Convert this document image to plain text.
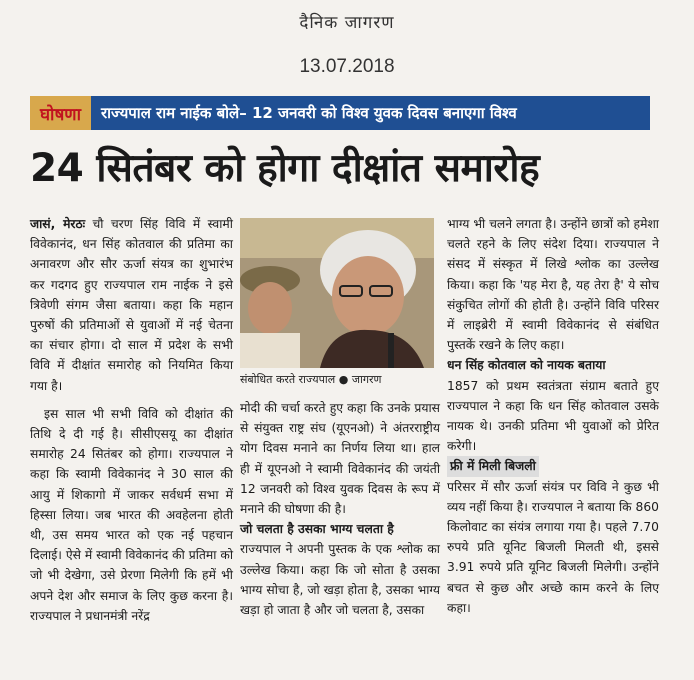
दैनिक जागरण
13.07.2018
घोषणा	राज्यपाल राम नाईक बोले– 12 जनवरी को विश्व युवक दिवस बनाएगा विश्व
24 सितंबर को होगा दीक्षांत समारोह

जासं, मेरठः चौ चरण सिंह विवि में स्वामी विवेकानंद, धन सिंह कोतवाल की प्रतिमा का अनावरण और सौर ऊर्जा संयत्र का शुभारंभ कर गदगद हुए राज्यपाल राम नाईक ने इसे त्रिवेणी संगम जैसा बताया। कहा कि महान पुरुषों की प्रतिमाओं से युवाओं में नई चेतना का संचार होगा। दो साल में प्रदेश के सभी विवि में दीक्षांत समारोह को नियमित किया गया है।

इस साल भी सभी विवि को दीक्षांत की तिथि दे दी गई है। सीसीएसयू का दीक्षांत समारोह 24 सितंबर को होगा। राज्यपाल ने कहा कि स्वामी विवेकानंद ने 30 साल की आयु में शिकागो में जाकर सर्वधर्म सभा में हिस्सा लिया। जब भारत की अवहेलना होती थी, उस समय भारत को एक नई पहचान दिलाई। ऐसे में स्वामी विवेकानंद की प्रतिमा को जो भी देखेगा, उसे प्रेरणा मिलेगी कि हमें भी अपने देश और समाज के लिए कुछ करना है। राज्यपाल ने प्रधानमंत्री नरेंद्र

संबोधित करते राज्यपाल ● जागरण

मोदी की चर्चा करते हुए कहा कि उनके प्रयास से संयुक्त राष्ट्र संघ (यूएनओ) ने अंतरराष्ट्रीय योग दिवस मनाने का निर्णय लिया था। हाल ही में यूएनओ ने स्वामी विवेकानंद की जयंती 12 जनवरी को विश्व युवक दिवस के रूप में मनाने की घोषणा की है।

जो चलता है उसका भाग्य चलता है

राज्यपाल ने अपनी पुस्तक के एक श्लोक का उल्लेख किया। कहा कि जो सोता है उसका भाग्य सोचा है, जो खड़ा होता है, उसका भाग्य खड़ा हो जाता है और जो चलता है, उसका

भाग्य भी चलने लगता है। उन्होंने छात्रों को हमेशा चलते रहने के लिए संदेश दिया। राज्यपाल ने संसद में संस्कृत में लिखे श्लोक का उल्लेख किया। कहा कि 'यह मेरा है, यह तेरा है' ये सोच संकुचित लोगों की होती है। उन्होंने विवि परिसर में लाइब्रेरी में स्वामी विवेकानंद से संबंधित पुस्तकें रखने के लिए कहा।

धन सिंह कोतवाल को नायक बताया

1857 को प्रथम स्वतंत्रता संग्राम बताते हुए राज्यपाल ने कहा कि धन सिंह कोतवाल उसके नायक थे। उनकी प्रतिमा भी युवाओं को प्रेरित करेगी।

फ्री में मिली बिजली

परिसर में सौर ऊर्जा संयंत्र पर विवि ने कुछ भी व्यय नहीं किया है। राज्यपाल ने बताया कि 860 किलोवाट का संयंत्र लगाया गया है। पहले 7.70 रुपये प्रति यूनिट बिजली मिलती थी, इससे 3.91 रुपये प्रति यूनिट बिजली मिलेगी। उन्होंने बचत से कुछ और अच्छे काम करने के लिए कहा।
